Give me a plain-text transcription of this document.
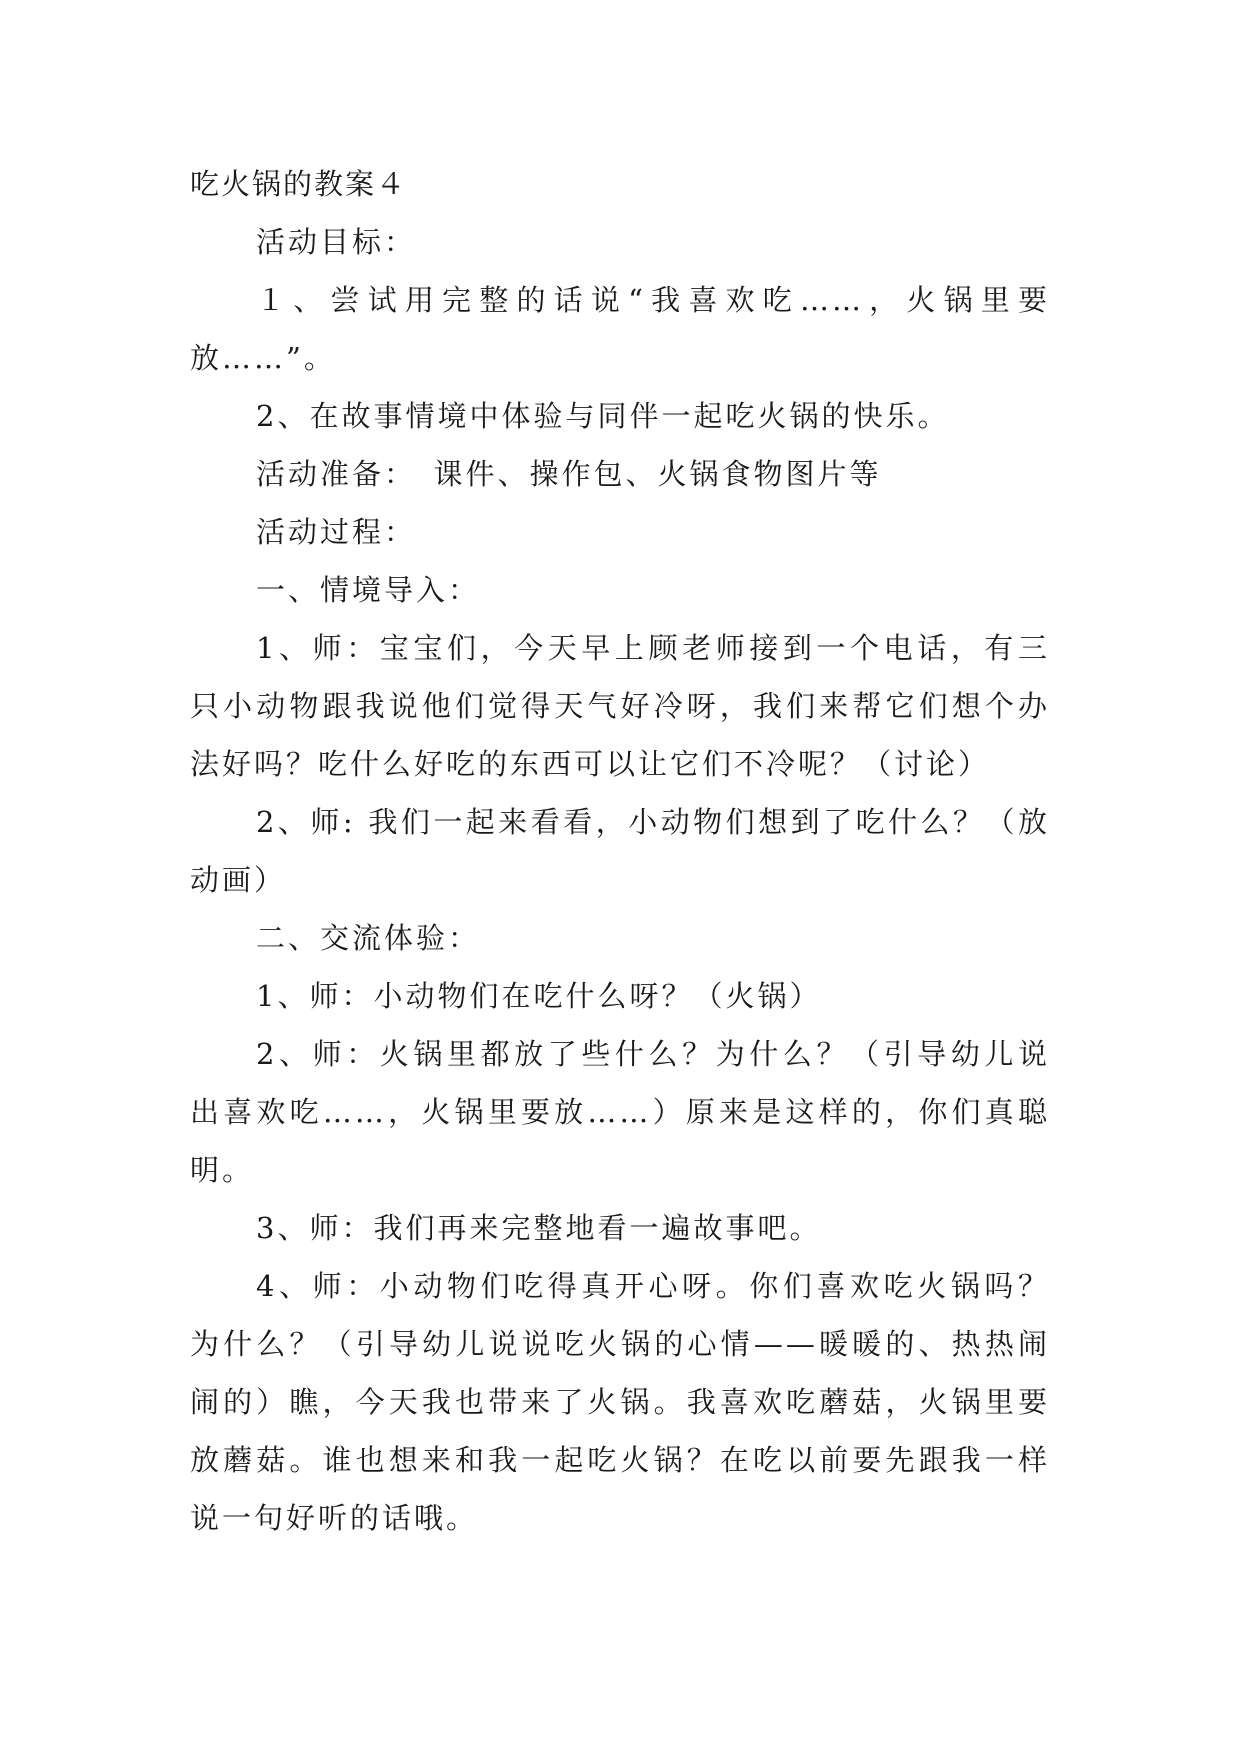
吃火锅的教案４
活动目标：
１、尝试用完整的话说“我喜欢吃……，火锅里要
放……”。
2、在故事情境中体验与同伴一起吃火锅的快乐。
活动准备：　课件、操作包、火锅食物图片等
活动过程：
一、情境导入：
1、师：宝宝们，今天早上顾老师接到一个电话，有三
只小动物跟我说他们觉得天气好冷呀，我们来帮它们想个办
法好吗？吃什么好吃的东西可以让它们不冷呢？（讨论）
2、师: 我们一起来看看，小动物们想到了吃什么？（放
动画）
二、交流体验：
1、师：小动物们在吃什么呀？（火锅）
2、师：火锅里都放了些什么？为什么？（引导幼儿说
出喜欢吃……，火锅里要放……）原来是这样的，你们真聪
明。
3、师：我们再来完整地看一遍故事吧。
4、师：小动物们吃得真开心呀。你们喜欢吃火锅吗？
为什么？（引导幼儿说说吃火锅的心情——暖暖的、热热闹
闹的）瞧，今天我也带来了火锅。我喜欢吃蘑菇，火锅里要
放蘑菇。谁也想来和我一起吃火锅？在吃以前要先跟我一样
说一句好听的话哦。
